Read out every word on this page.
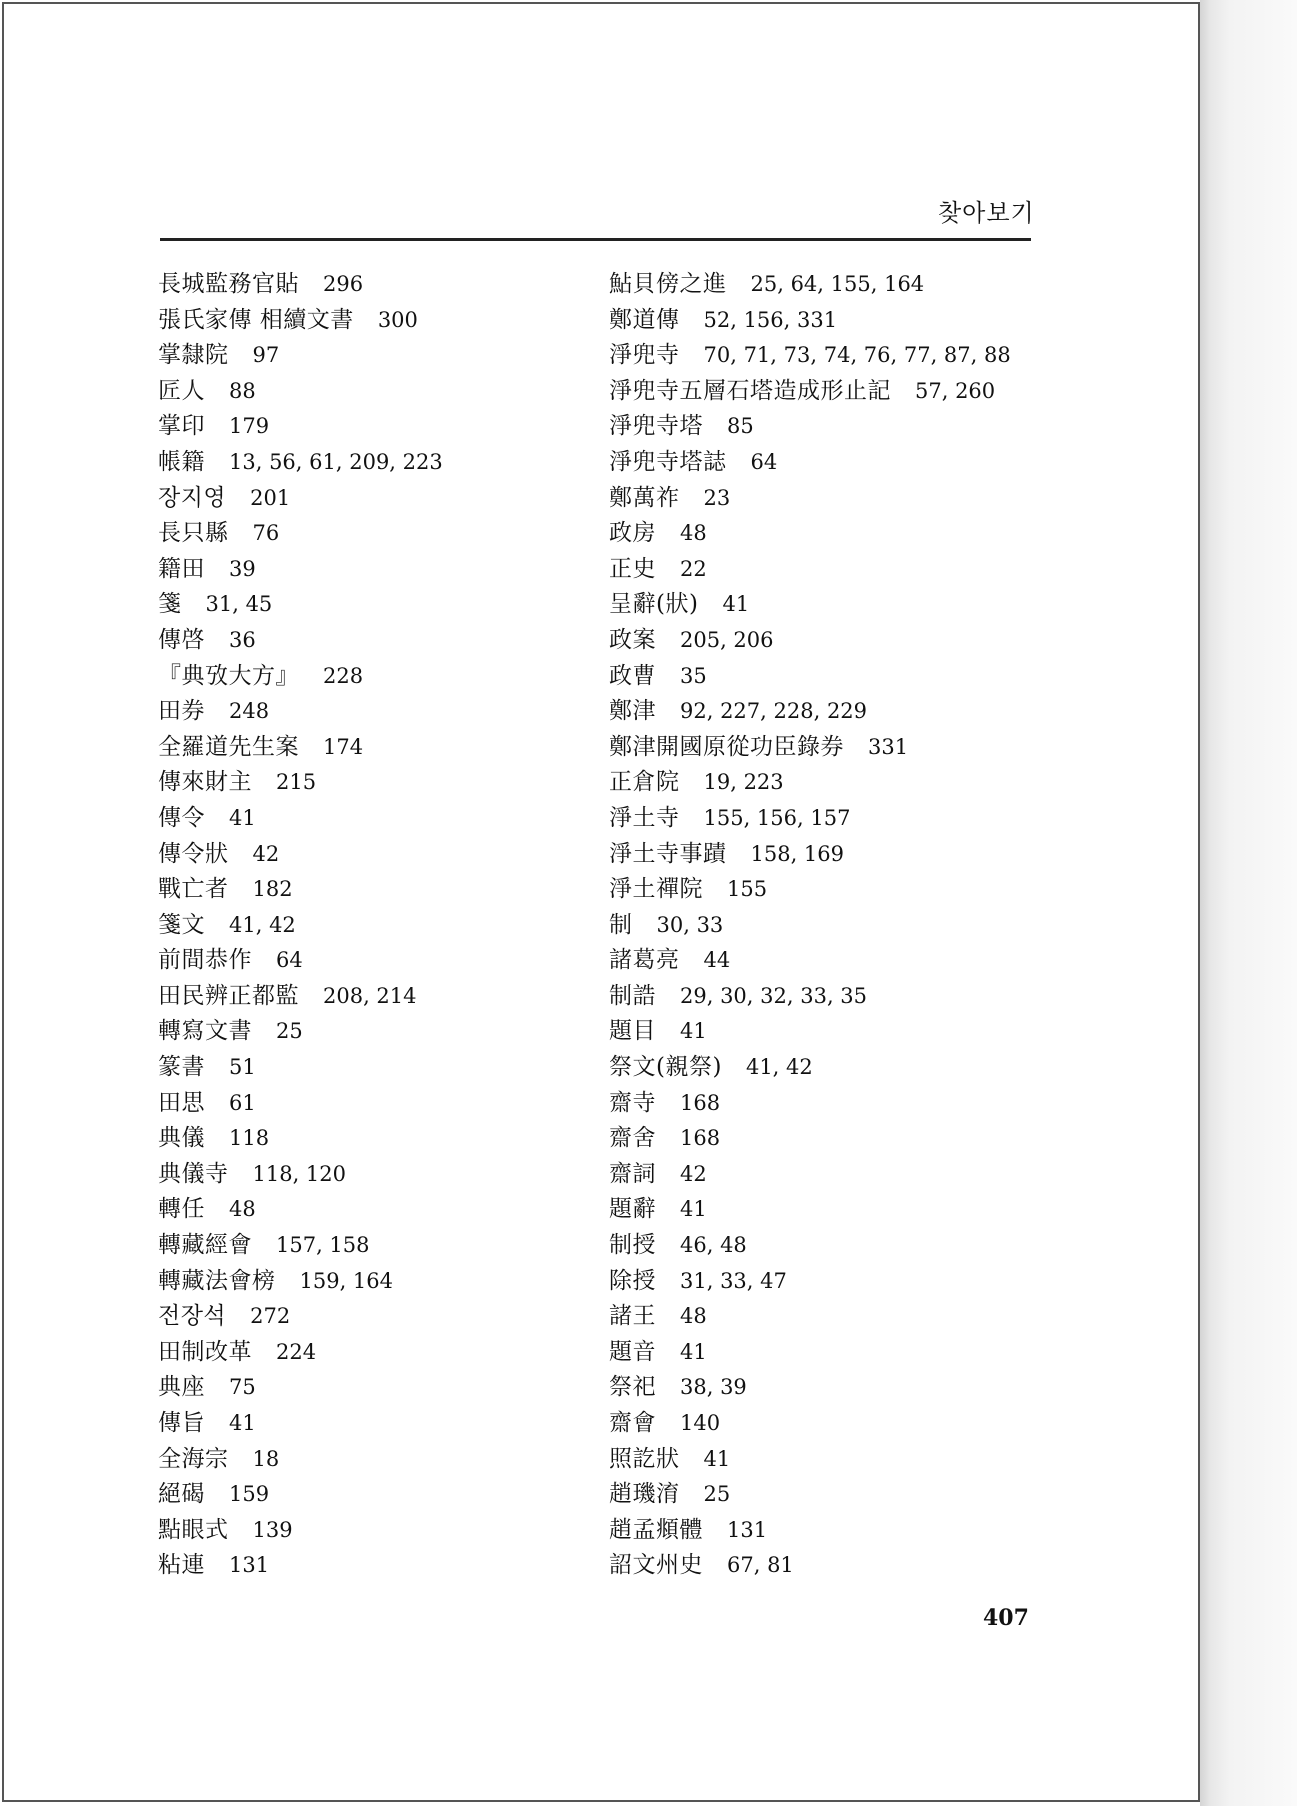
찾아보기
長城監務官貼 296
張氏家傳 相續文書 300
掌隸院 97
匠人 88
掌印 179
帳籍 13, 56, 61, 209, 223
장지영 201
長只縣 76
籍田 39
箋 31, 45
傳啓 36
『典攷大方』 228
田券 248
全羅道先生案 174
傳來財主 215
傳令 41
傳令狀 42
戰亡者 182
箋文 41, 42
前間恭作 64
田民辨正都監 208, 214
轉寫文書 25
篆書 51
田思 61
典儀 118
典儀寺 118, 120
轉任 48
轉藏經會 157, 158
轉藏法會榜 159, 164
전장석 272
田制改革 224
典座 75
傳旨 41
全海宗 18
絕碣 159
點眼式 139
粘連 131
鮎貝傍之進 25, 64, 155, 164
鄭道傳 52, 156, 331
淨兜寺 70, 71, 73, 74, 76, 77, 87, 88
淨兜寺五層石塔造成形止記 57, 260
淨兜寺塔 85
淨兜寺塔誌 64
鄭萬祚 23
政房 48
正史 22
呈辭(狀) 41
政案 205, 206
政曹 35
鄭津 92, 227, 228, 229
鄭津開國原從功臣錄券 331
正倉院 19, 223
淨土寺 155, 156, 157
淨土寺事蹟 158, 169
淨土禪院 155
制 30, 33
諸葛亮 44
制誥 29, 30, 32, 33, 35
題目 41
祭文(親祭) 41, 42
齋寺 168
齋舍 168
齋詞 42
題辭 41
制授 46, 48
除授 31, 33, 47
諸王 48
題音 41
祭祀 38, 39
齋會 140
照訖狀 41
趙璣淯 25
趙孟頫體 131
詔文州史 67, 81
407
